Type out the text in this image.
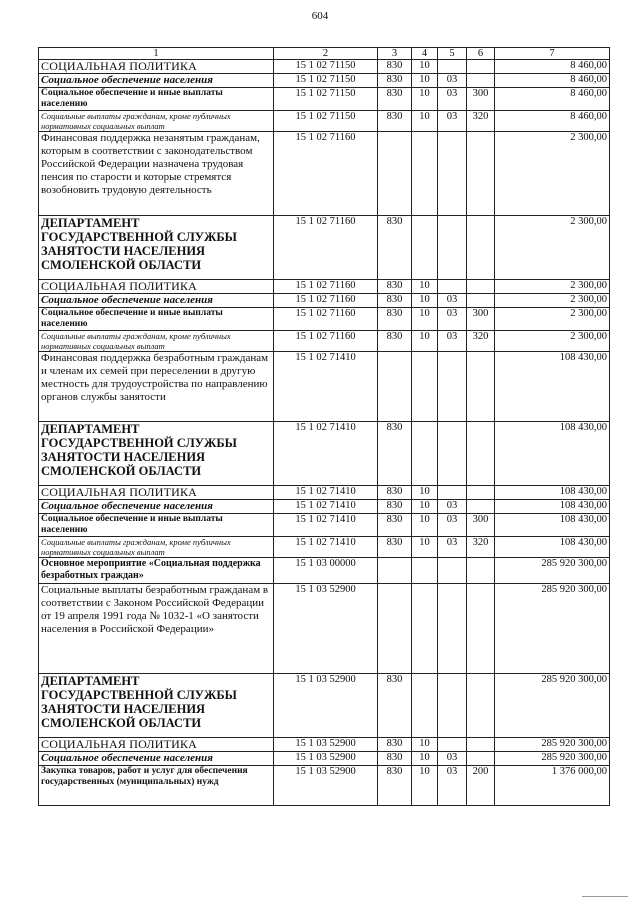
604
1	2	3	4	5	6	7
СОЦИАЛЬНАЯ ПОЛИТИКА	15 1 02 71150	830	10			8 460,00
Социальное обеспечение населения	15 1 02 71150	830	10	03		8 460,00
Социальное обеспечение и иные выплаты населению	15 1 02 71150	830	10	03	300	8 460,00
Социальные выплаты гражданам, кроме публичных нормативных социальных выплат	15 1 02 71150	830	10	03	320	8 460,00
Финансовая поддержка незанятым гражданам, которым в соответствии с законодательством Российской Федерации назначена трудовая пенсия по старости и которые стремятся возобновить трудовую деятельность	15 1 02 71160					2 300,00
ДЕПАРТАМЕНТ ГОСУДАРСТВЕННОЙ СЛУЖБЫ ЗАНЯТОСТИ НАСЕЛЕНИЯ СМОЛЕНСКОЙ ОБЛАСТИ	15 1 02 71160	830				2 300,00
СОЦИАЛЬНАЯ ПОЛИТИКА	15 1 02 71160	830	10			2 300,00
Социальное обеспечение населения	15 1 02 71160	830	10	03		2 300,00
Социальное обеспечение и иные выплаты населению	15 1 02 71160	830	10	03	300	2 300,00
Социальные выплаты гражданам, кроме публичных нормативных социальных выплат	15 1 02 71160	830	10	03	320	2 300,00
Финансовая поддержка безработным гражданам и членам их семей при переселении в другую местность для трудоустройства по направлению органов службы занятости	15 1 02 71410					108 430,00
ДЕПАРТАМЕНТ ГОСУДАРСТВЕННОЙ СЛУЖБЫ ЗАНЯТОСТИ НАСЕЛЕНИЯ СМОЛЕНСКОЙ ОБЛАСТИ	15 1 02 71410	830				108 430,00
СОЦИАЛЬНАЯ ПОЛИТИКА	15 1 02 71410	830	10			108 430,00
Социальное обеспечение населения	15 1 02 71410	830	10	03		108 430,00
Социальное обеспечение и иные выплаты населению	15 1 02 71410	830	10	03	300	108 430,00
Социальные выплаты гражданам, кроме публичных нормативных социальных выплат	15 1 02 71410	830	10	03	320	108 430,00
Основное мероприятие «Социальная поддержка безработных граждан»	15 1 03 00000					285 920 300,00
Социальные выплаты безработным гражданам в соответствии с Законом Российской Федерации от 19 апреля 1991 года № 1032-1 «О занятости населения в Российской Федерации»	15 1 03 52900					285 920 300,00
ДЕПАРТАМЕНТ ГОСУДАРСТВЕННОЙ СЛУЖБЫ ЗАНЯТОСТИ НАСЕЛЕНИЯ СМОЛЕНСКОЙ ОБЛАСТИ	15 1 03 52900	830				285 920 300,00
СОЦИАЛЬНАЯ ПОЛИТИКА	15 1 03 52900	830	10			285 920 300,00
Социальное обеспечение населения	15 1 03 52900	830	10	03		285 920 300,00
Закупка товаров, работ и услуг для обеспечения государственных (муниципальных) нужд	15 1 03 52900	830	10	03	200	1 376 000,00
